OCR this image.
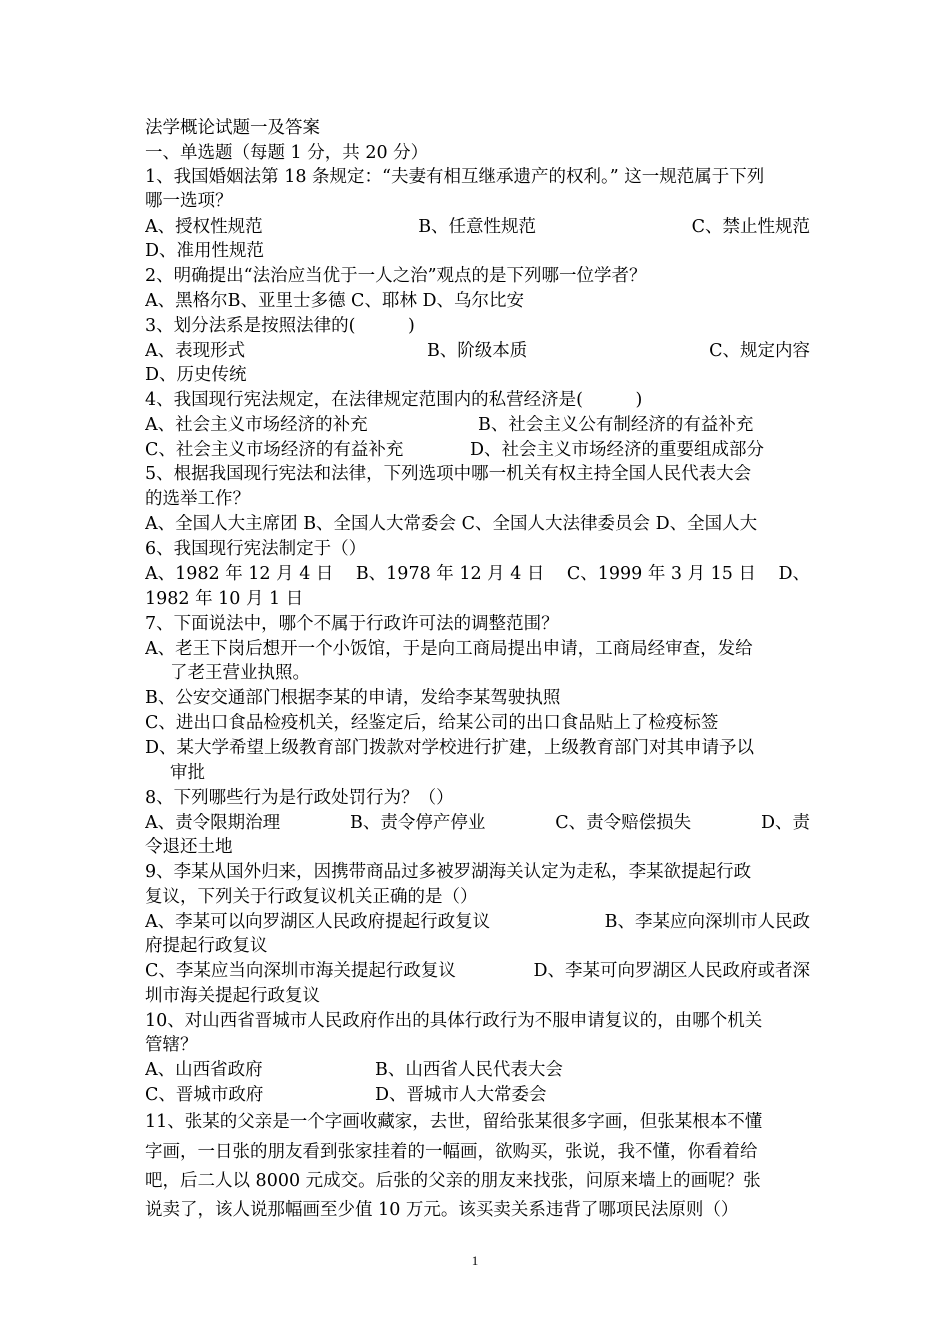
法学概论试题一及答案
一、单选题（每题 1 分，共 20 分）
1、我国婚姻法第 18 条规定：“夫妻有相互继承遗产的权利。” 这一规范属于下列
哪一选项？
A、授权性规范	B、任意性规范	C、禁止性规范
D、准用性规范
2、明确提出“法治应当优于一人之治”观点的是下列哪一位学者？
A、黑格尔B、亚里士多德 C、耶林 D、乌尔比安
3、划分法系是按照法律的(　　　)
A、表现形式	B、阶级本质	C、规定内容
D、历史传统
4、我国现行宪法规定，在法律规定范围内的私营经济是(　　　)
A、社会主义市场经济的补充	B、社会主义公有制经济的有益补充
C、社会主义市场经济的有益补充	D、社会主义市场经济的重要组成部分
5、根据我国现行宪法和法律，下列选项中哪一机关有权主持全国人民代表大会
的选举工作？
A、全国人大主席团 B、全国人大常委会 C、全国人大法律委员会 D、全国人大
6、我国现行宪法制定于（）
A、1982 年 12 月 4 日 B、1978 年 12 月 4 日 C、1999 年 3 月 15 日 D、
1982 年 10 月 1 日
7、下面说法中，哪个不属于行政许可法的调整范围？
A、老王下岗后想开一个小饭馆，于是向工商局提出申请，工商局经审查，发给
了老王营业执照。
B、公安交通部门根据李某的申请，发给李某驾驶执照
C、进出口食品检疫机关，经鉴定后，给某公司的出口食品贴上了检疫标签
D、某大学希望上级教育部门拨款对学校进行扩建，上级教育部门对其申请予以
审批
8、下列哪些行为是行政处罚行为？（）
A、责令限期治理	B、责令停产停业	C、责令赔偿损失	D、责
令退还土地
9、李某从国外归来，因携带商品过多被罗湖海关认定为走私，李某欲提起行政
复议，下列关于行政复议机关正确的是（）
A、李某可以向罗湖区人民政府提起行政复议	B、李某应向深圳市人民政
府提起行政复议
C、李某应当向深圳市海关提起行政复议	D、李某可向罗湖区人民政府或者深
圳市海关提起行政复议
10、对山西省晋城市人民政府作出的具体行政行为不服申请复议的，由哪个机关
管辖？
A、山西省政府	B、山西省人民代表大会
C、晋城市政府	D、晋城市人大常委会
11、张某的父亲是一个字画收藏家，去世，留给张某很多字画，但张某根本不懂
字画，一日张的朋友看到张家挂着的一幅画，欲购买，张说，我不懂，你看着给
吧，后二人以 8000 元成交。后张的父亲的朋友来找张，问原来墙上的画呢？张
说卖了，该人说那幅画至少值 10 万元。该买卖关系违背了哪项民法原则（）
1
